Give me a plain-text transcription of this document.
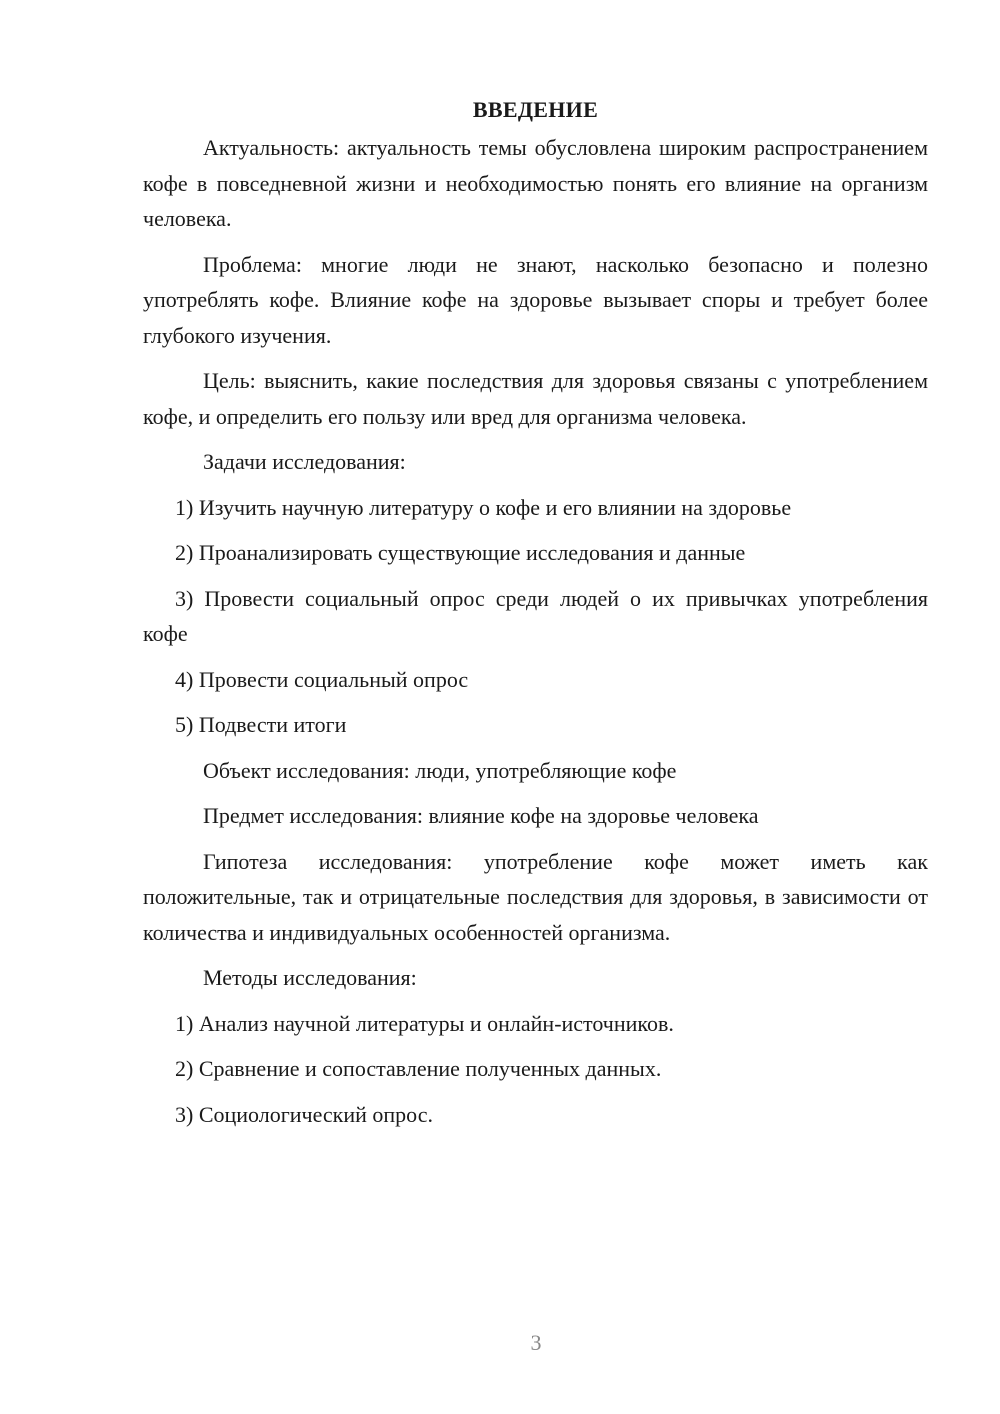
ВВЕДЕНИЕ

Актуальность: актуальность темы обусловлена широким распространением кофе в повседневной жизни и необходимостью понять его влияние на организм человека.

Проблема: многие люди не знают, насколько безопасно и полезно употреблять кофе. Влияние кофе на здоровье вызывает споры и требует более глубокого изучения.

Цель: выяснить, какие последствия для здоровья связаны с употреблением кофе, и определить его пользу или вред для организма человека.

Задачи исследования:

1) Изучить научную литературу о кофе и его влиянии на здоровье

2) Проанализировать существующие исследования и данные

3) Провести социальный опрос среди людей о их привычках употребления кофе

4) Провести социальный опрос

5) Подвести итоги

Объект исследования: люди, употребляющие кофе

Предмет исследования: влияние кофе на здоровье человека

Гипотеза исследования: употребление кофе может иметь как положительные, так и отрицательные последствия для здоровья, в зависимости от количества и индивидуальных особенностей организма.

Методы исследования:

1) Анализ научной литературы и онлайн-источников.

2) Сравнение и сопоставление полученных данных.

3) Социологический опрос.

3
